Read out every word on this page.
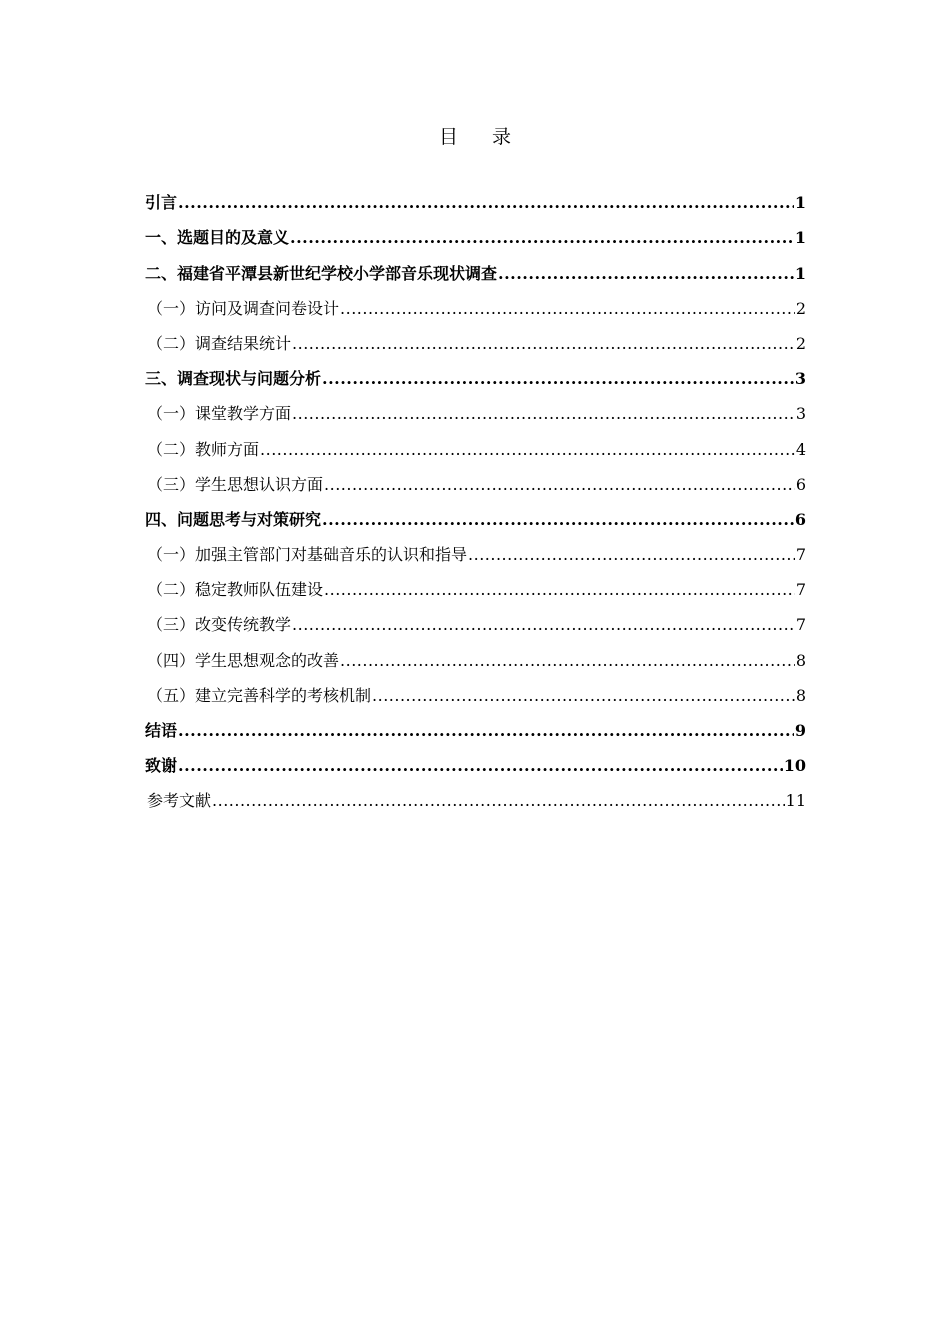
目录
引言 .....	1
一、选题目的及意义 .....	1
二、福建省平潭县新世纪学校小学部音乐现状调查 .....	1
（一）访问及调查问卷设计 .....	2
（二）调查结果统计 .....	2
三、调查现状与问题分析 .....	3
（一）课堂教学方面 .....	3
（二）教师方面 .....	4
（三）学生思想认识方面 .....	6
四、问题思考与对策研究 .....	6
（一）加强主管部门对基础音乐的认识和指导 .....	7
（二）稳定教师队伍建设 .....	7
（三）改变传统教学 .....	7
（四）学生思想观念的改善 .....	8
（五）建立完善科学的考核机制 .....	8
结语 .....	9
致谢 .....	10
参考文献 .....	11
